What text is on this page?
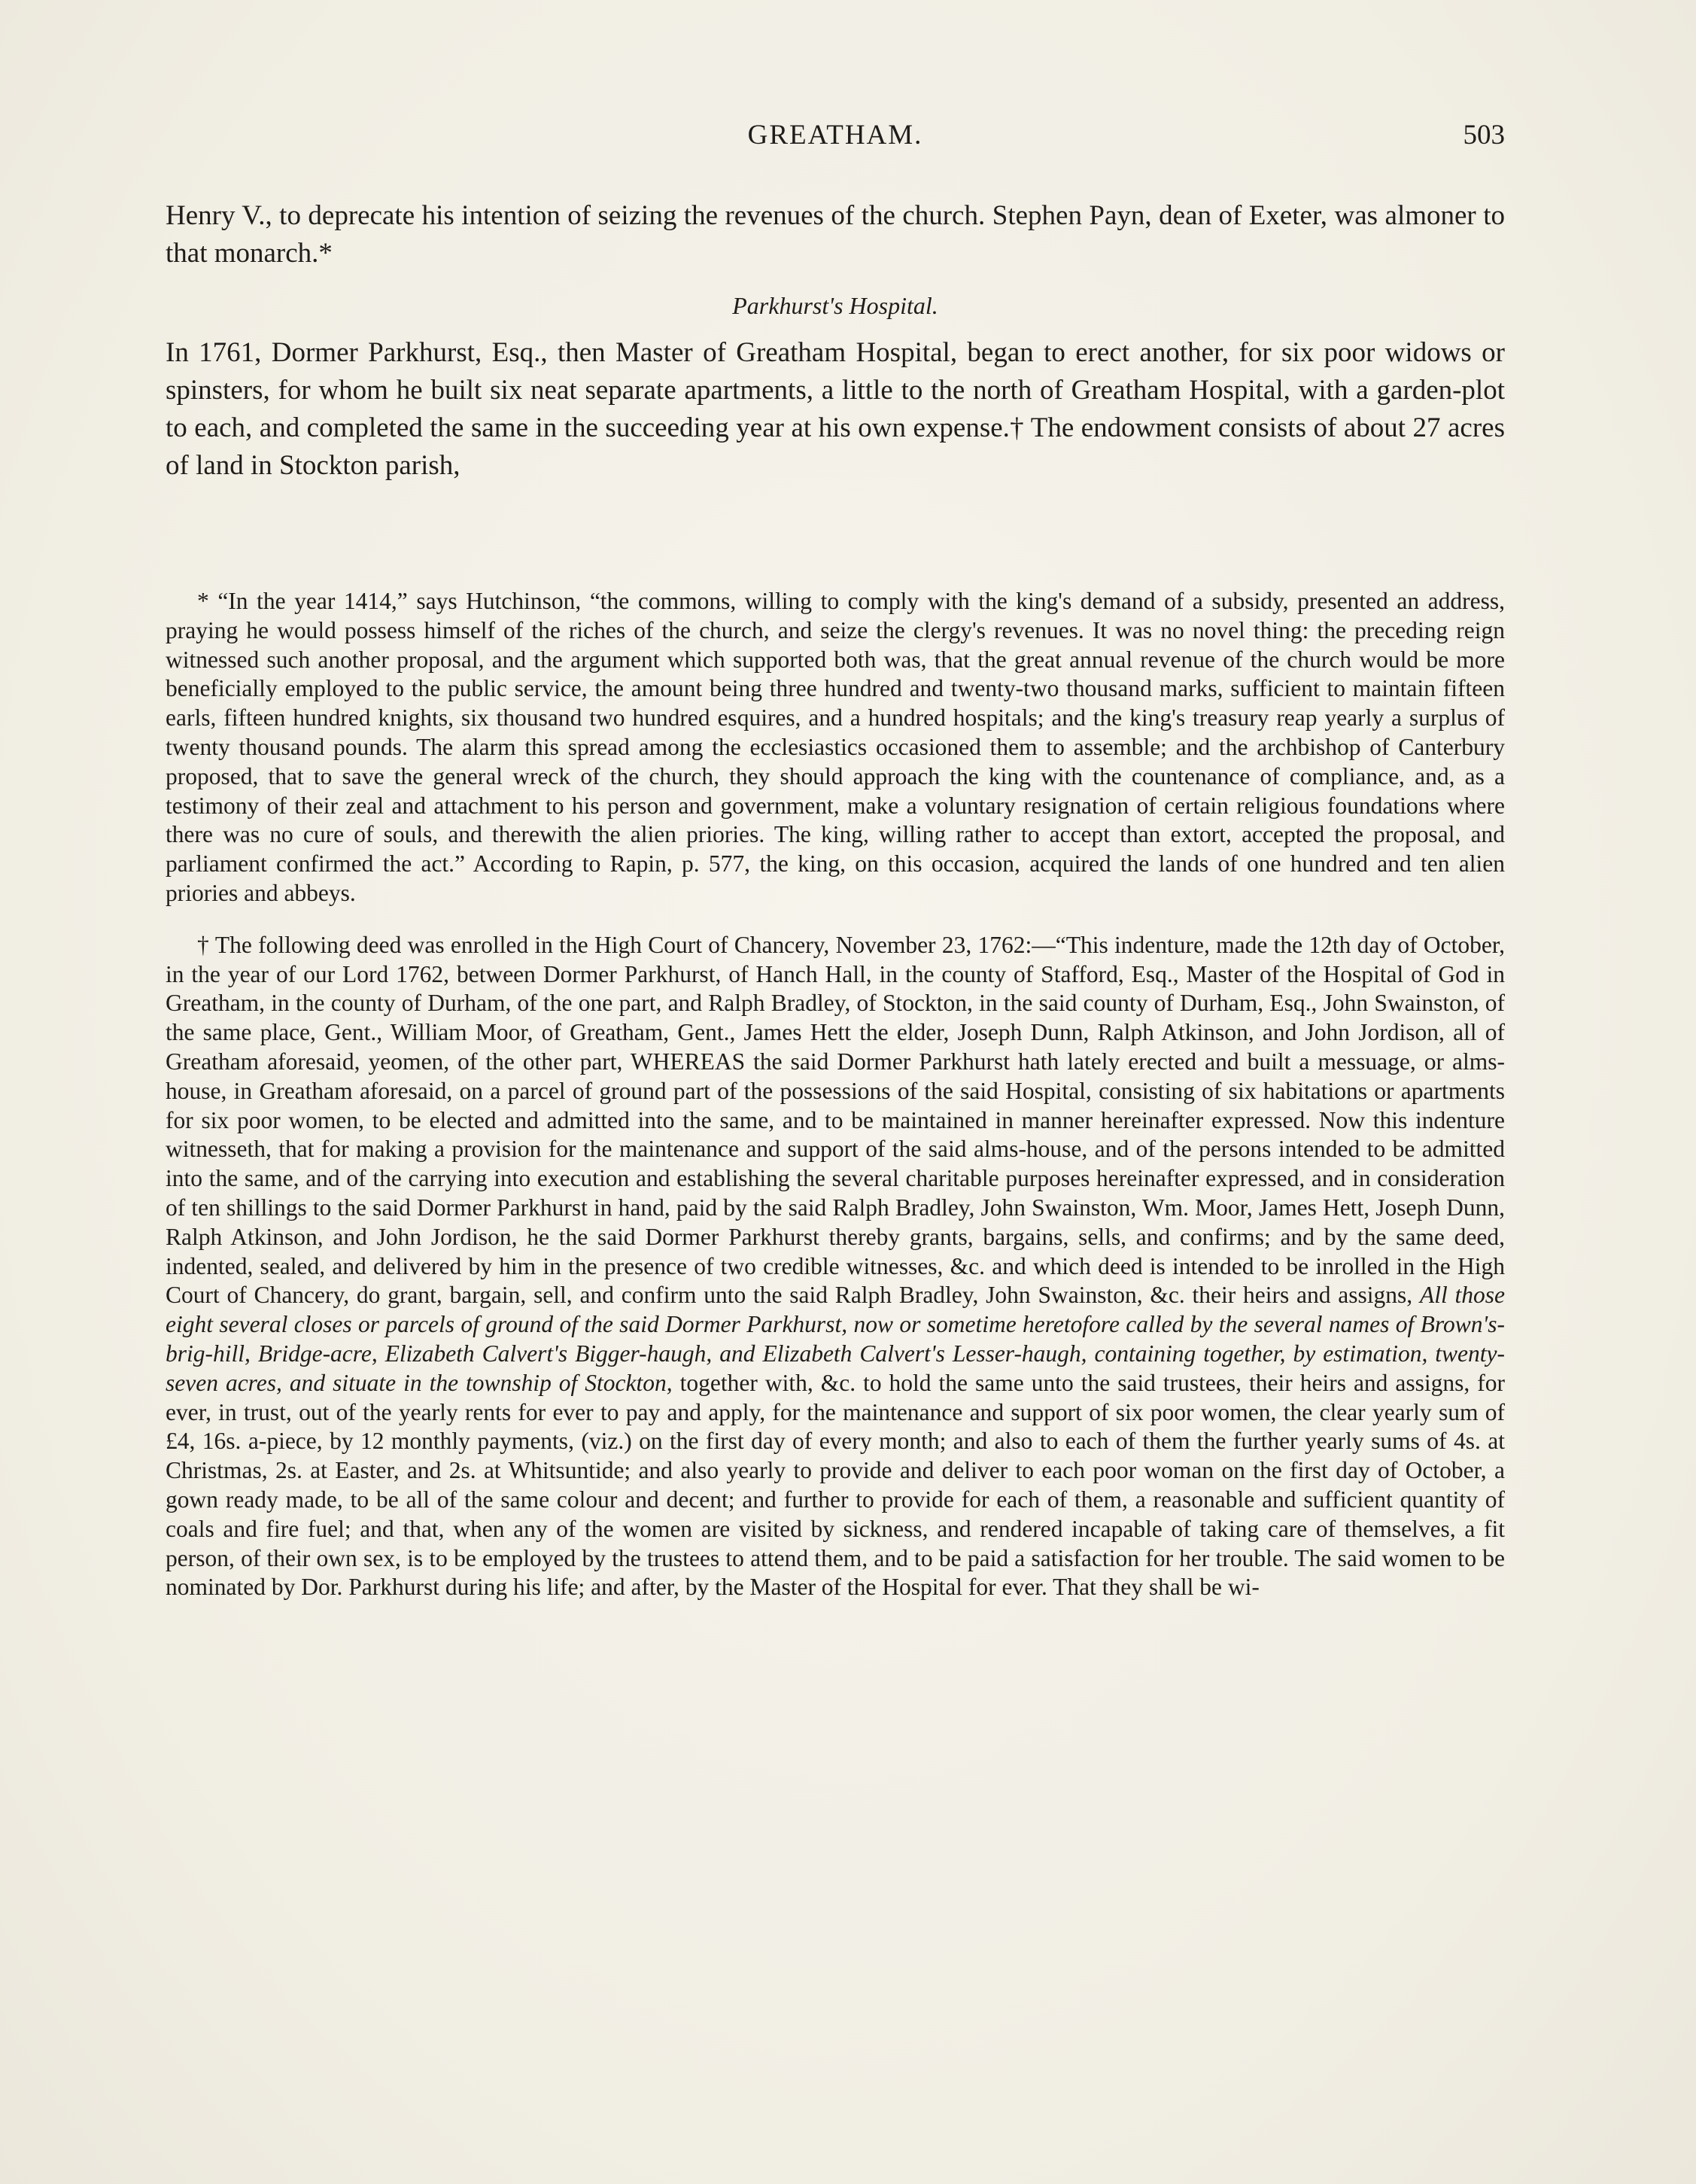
GREATHAM.	503

Henry V., to deprecate his intention of seizing the revenues of the church. Stephen Payn, dean of Exeter, was almoner to that monarch.*

Parkhurst's Hospital.

In 1761, Dormer Parkhurst, Esq., then Master of Greatham Hospital, began to erect another, for six poor widows or spinsters, for whom he built six neat separate apartments, a little to the north of Greatham Hospital, with a garden-plot to each, and completed the same in the succeeding year at his own expense.† The endowment consists of about 27 acres of land in Stockton parish,

* “In the year 1414,” says Hutchinson, “the commons, willing to comply with the king's demand of a subsidy, presented an address, praying he would possess himself of the riches of the church, and seize the clergy's revenues. It was no novel thing: the preceding reign witnessed such another proposal, and the argument which supported both was, that the great annual revenue of the church would be more beneficially employed to the public service, the amount being three hundred and twenty-two thousand marks, sufficient to maintain fifteen earls, fifteen hundred knights, six thousand two hundred esquires, and a hundred hospitals; and the king's treasury reap yearly a surplus of twenty thousand pounds. The alarm this spread among the ecclesiastics occasioned them to assemble; and the archbishop of Canterbury proposed, that to save the general wreck of the church, they should approach the king with the countenance of compliance, and, as a testimony of their zeal and attachment to his person and government, make a voluntary resignation of certain religious foundations where there was no cure of souls, and therewith the alien priories. The king, willing rather to accept than extort, accepted the proposal, and parliament confirmed the act.” According to Rapin, p. 577, the king, on this occasion, acquired the lands of one hundred and ten alien priories and abbeys.

† The following deed was enrolled in the High Court of Chancery, November 23, 1762:—“This indenture, made the 12th day of October, in the year of our Lord 1762, between Dormer Parkhurst, of Hanch Hall, in the county of Stafford, Esq., Master of the Hospital of God in Greatham, in the county of Durham, of the one part, and Ralph Bradley, of Stockton, in the said county of Durham, Esq., John Swainston, of the same place, Gent., William Moor, of Greatham, Gent., James Hett the elder, Joseph Dunn, Ralph Atkinson, and John Jordison, all of Greatham aforesaid, yeomen, of the other part, WHEREAS the said Dormer Parkhurst hath lately erected and built a messuage, or alms-house, in Greatham aforesaid, on a parcel of ground part of the possessions of the said Hospital, consisting of six habitations or apartments for six poor women, to be elected and admitted into the same, and to be maintained in manner hereinafter expressed. Now this indenture witnesseth, that for making a provision for the maintenance and support of the said alms-house, and of the persons intended to be admitted into the same, and of the carrying into execution and establishing the several charitable purposes hereinafter expressed, and in consideration of ten shillings to the said Dormer Parkhurst in hand, paid by the said Ralph Bradley, John Swainston, Wm. Moor, James Hett, Joseph Dunn, Ralph Atkinson, and John Jordison, he the said Dormer Parkhurst thereby grants, bargains, sells, and confirms; and by the same deed, indented, sealed, and delivered by him in the presence of two credible witnesses, &c. and which deed is intended to be inrolled in the High Court of Chancery, do grant, bargain, sell, and confirm unto the said Ralph Bradley, John Swainston, &c. their heirs and assigns, All those eight several closes or parcels of ground of the said Dormer Parkhurst, now or sometime heretofore called by the several names of Brown's-brig-hill, Bridge-acre, Elizabeth Calvert's Bigger-haugh, and Elizabeth Calvert's Lesser-haugh, containing together, by estimation, twenty-seven acres, and situate in the township of Stockton, together with, &c. to hold the same unto the said trustees, their heirs and assigns, for ever, in trust, out of the yearly rents for ever to pay and apply, for the maintenance and support of six poor women, the clear yearly sum of £4, 16s. a-piece, by 12 monthly payments, (viz.) on the first day of every month; and also to each of them the further yearly sums of 4s. at Christmas, 2s. at Easter, and 2s. at Whitsuntide; and also yearly to provide and deliver to each poor woman on the first day of October, a gown ready made, to be all of the same colour and decent; and further to provide for each of them, a reasonable and sufficient quantity of coals and fire fuel; and that, when any of the women are visited by sickness, and rendered incapable of taking care of themselves, a fit person, of their own sex, is to be employed by the trustees to attend them, and to be paid a satisfaction for her trouble. The said women to be nominated by Dor. Parkhurst during his life; and after, by the Master of the Hospital for ever. That they shall be wi-
